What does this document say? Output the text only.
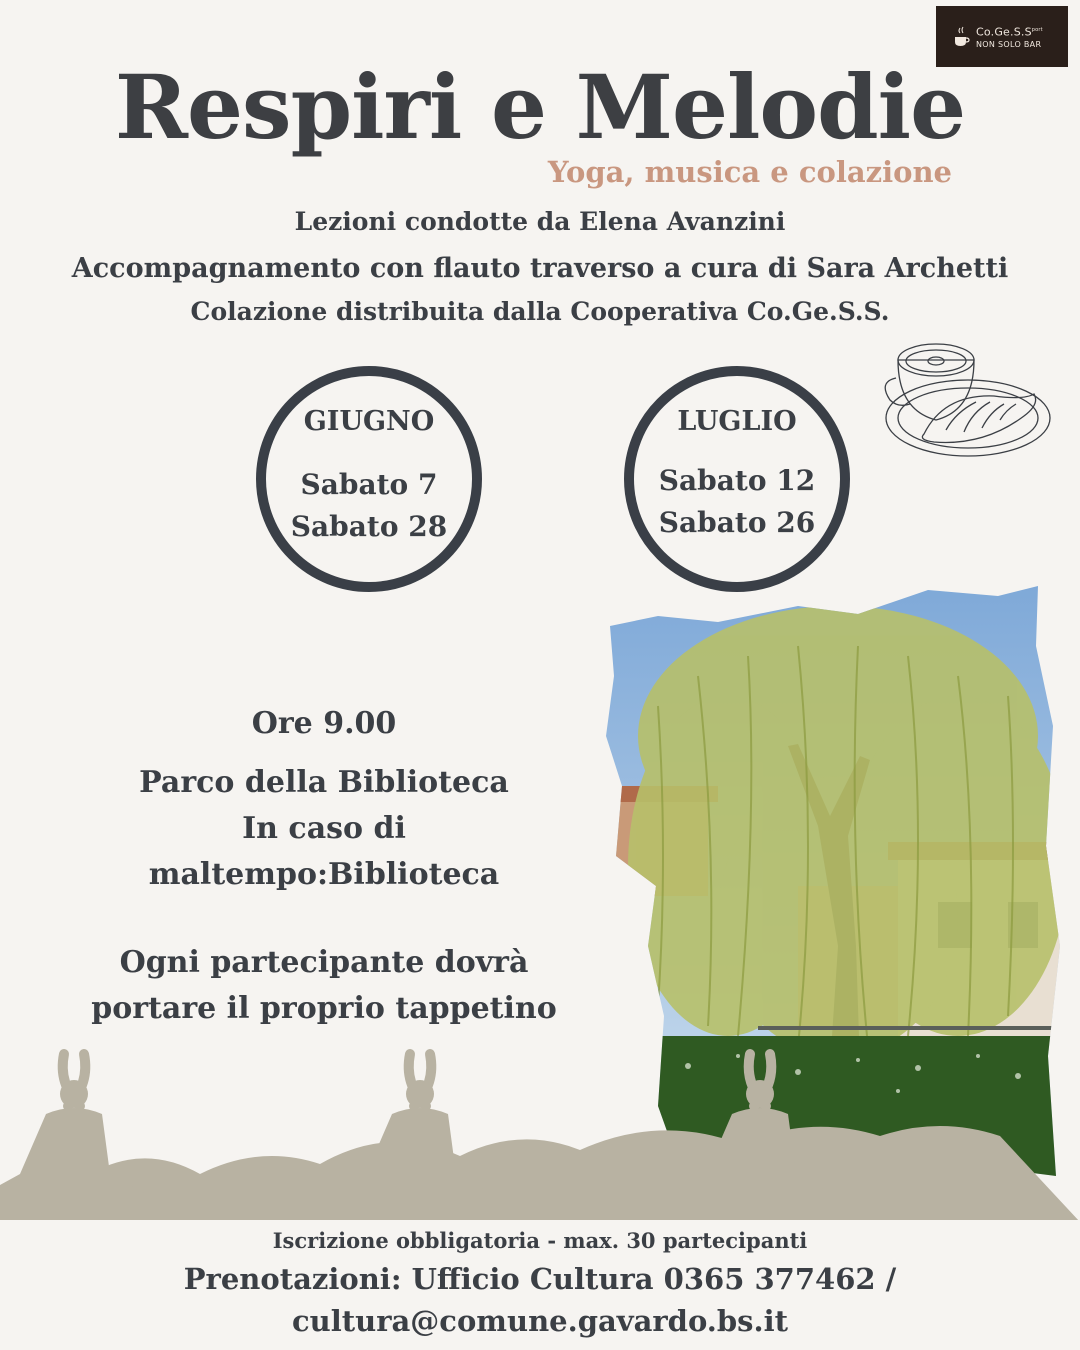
$Co.Ge.S.S^{port}$
NON SOLO BAR
Respiri e Melodie
Yoga, musica e colazione
Lezioni condotte da Elena Avanzini
Accompagnamento con flauto traverso a cura di Sara Archetti
Colazione distribuita dalla Cooperativa Co.Ge.S.S.
GIUGNO
Sabato 7
Sabato 28
LUGLIO
Sabato 12
Sabato 26
Ore 9.00
Parco della Biblioteca
In caso di
maltempo:Biblioteca
Ogni partecipante dovrà
portare il proprio tappetino
Iscrizione obbligatoria - max. 30 partecipanti
Prenotazioni: Ufficio Cultura 0365 377462 /
cultura@comune.gavardo.bs.it
